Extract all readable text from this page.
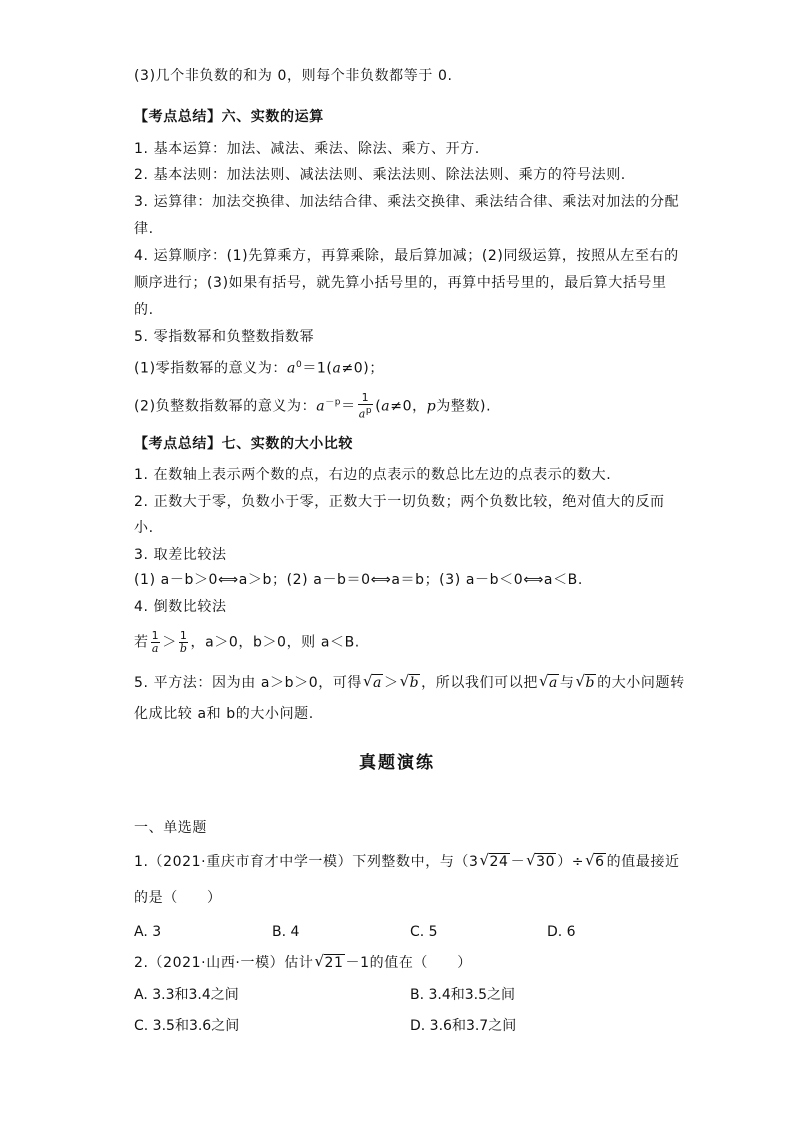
(3)几个非负数的和为 0，则每个非负数都等于 0.
【考点总结】六、实数的运算
1. 基本运算：加法、减法、乘法、除法、乘方、开方.
2. 基本法则：加法法则、减法法则、乘法法则、除法法则、乘方的符号法则.
3. 运算律：加法交换律、加法结合律、乘法交换律、乘法结合律、乘法对加法的分配
律.
4. 运算顺序：(1)先算乘方，再算乘除，最后算加减；(2)同级运算，按照从左至右的
顺序进行；(3)如果有括号，就先算小括号里的，再算中括号里的，最后算大括号里
的.
5. 零指数幂和负整数指数幂
(1)零指数幂的意义为：$a^0=1(a\ne 0)$；
(2)负整数指数幂的意义为：$a^{-p}= \frac{1}{a^p} (a\ne 0$，p为整数).
【考点总结】七、实数的大小比较
1. 在数轴上表示两个数的点，右边的点表示的数总比左边的点表示的数大.
2. 正数大于零，负数小于零，正数大于一切负数；两个负数比较，绝对值大的反而
小.
3. 取差比较法
(1) a－b＞0⟺a＞b；(2) a－b＝0⟺a＝b；(3) a－b＜0⟺a＜B.
4. 倒数比较法
若 $\frac{1}{a} > \frac{1}{b}$ ，a＞0，b＞0，则 a＜B.
5. 平方法：因为由 a＞b＞0，可得 √ a ＞ √ b ，所以我们可以把 √ a 与 √ b 的大小问题转
化成比较 a和 b的大小问题.
真题演练
一、单选题
1.（2021·重庆市育才中学一模）下列整数中，与（3 √ 24 － √ 30 ）÷ √ 6 的值最接近
的是（　　）
A. 3	B. 4	C. 5	D. 6
2.（2021·山西·一模）估计 √ 21 －1的值在（　　）
A. 3.3和3.4之间	B. 3.4和3.5之间
C. 3.5和3.6之间	D. 3.6和3.7之间
